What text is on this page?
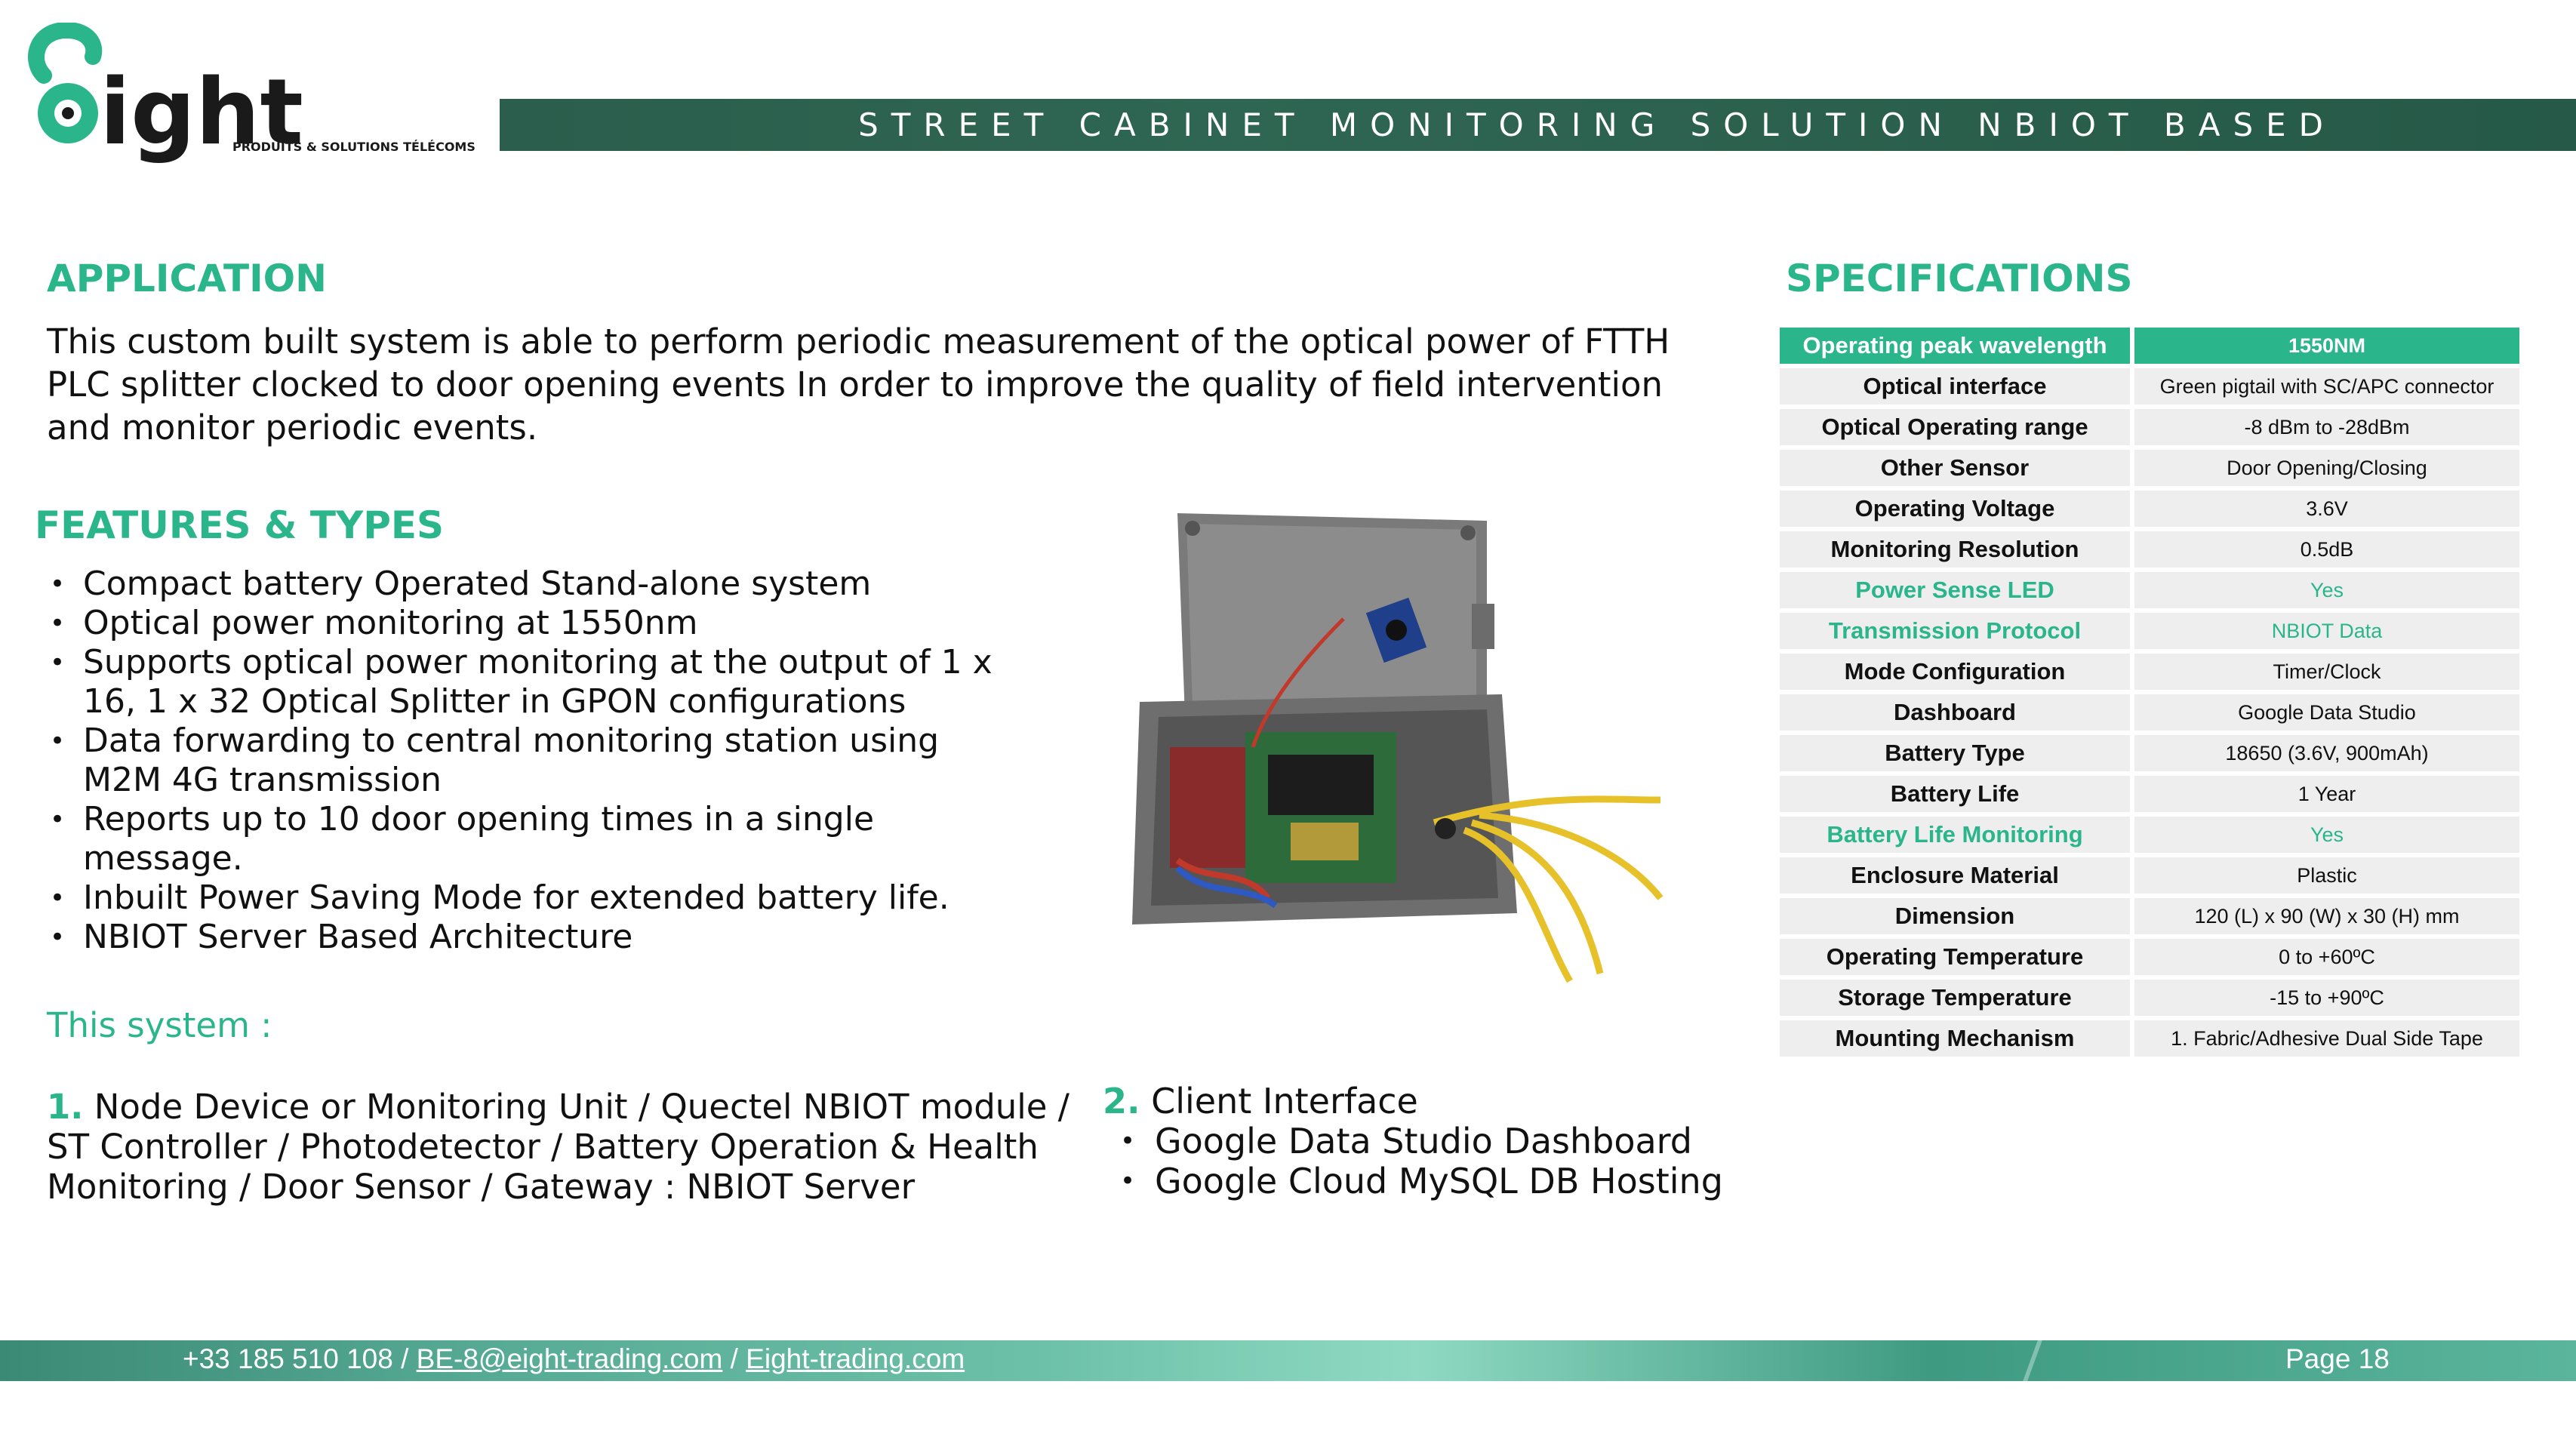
ight
PRODUITS & SOLUTIONS TÉLÉCOMS
STREET CABINET MONITORING SOLUTION NBIOT BASED
APPLICATION
This custom built system is able to perform periodic measurement of the optical power of FTTH PLC splitter clocked to door opening events In order to improve the quality of field intervention and monitor periodic events.
FEATURES & TYPES
• Compact battery Operated Stand-alone system
• Optical power monitoring at 1550nm
• Supports optical power monitoring at the output of 1 x 16, 1 x 32 Optical Splitter in GPON configurations
• Data forwarding to central monitoring station using M2M 4G transmission
• Reports up to 10 door opening times in a single message.
• Inbuilt Power Saving Mode for extended battery life.
• NBIOT Server Based Architecture
This system :
1. Node Device or Monitoring Unit / Quectel NBIOT module / ST Controller / Photodetector / Battery Operation & Health Monitoring / Door Sensor / Gateway : NBIOT Server
2. Client Interface
• Google Data Studio Dashboard
• Google Cloud MySQL DB Hosting
SPECIFICATIONS
Operating peak wavelength	1550NM
Optical interface	Green pigtail with SC/APC connector
Optical Operating range	-8 dBm to -28dBm
Other Sensor	Door Opening/Closing
Operating Voltage	3.6V
Monitoring Resolution	0.5dB
Power Sense LED	Yes
Transmission Protocol	NBIOT Data
Mode Configuration	Timer/Clock
Dashboard	Google Data Studio
Battery Type	18650 (3.6V, 900mAh)
Battery Life	1 Year
Battery Life Monitoring	Yes
Enclosure Material	Plastic
Dimension	120 (L) x 90 (W) x 30 (H) mm
Operating Temperature	0 to +60ºC
Storage Temperature	-15 to +90ºC
Mounting Mechanism	1. Fabric/Adhesive Dual Side Tape
+33 185 510 108 / BE-8@eight-trading.com / Eight-trading.com	Page 18
